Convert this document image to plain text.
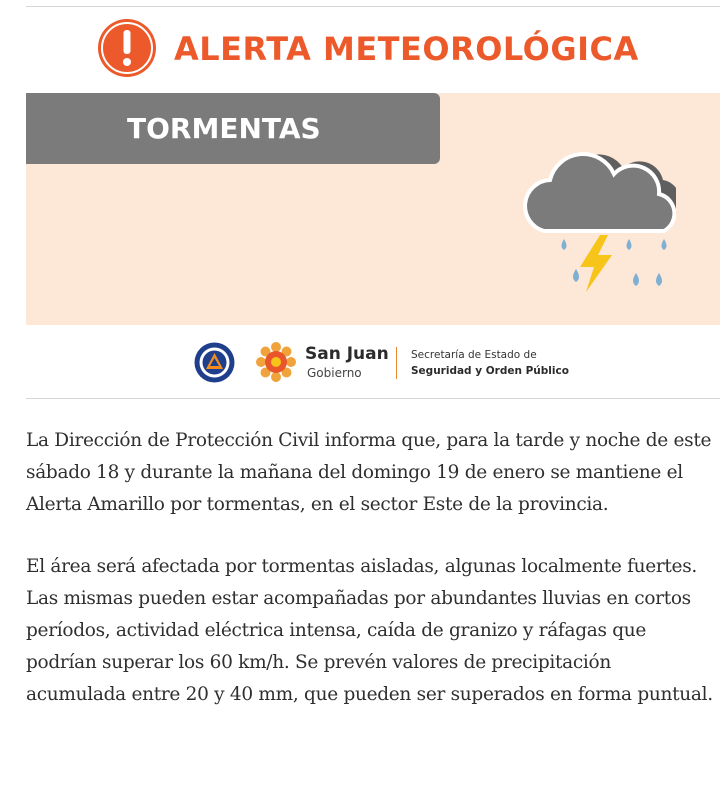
ALERTA METEOROLÓGICA
TORMENTAS
San Juan
Gobierno
Secretaría de Estado de
Seguridad y Orden Público

La Dirección de Protección Civil informa que, para la tarde y noche de este sábado 18 y durante la mañana del domingo 19 de enero se mantiene el Alerta Amarillo por tormentas, en el sector Este de la provincia.

El área será afectada por tormentas aisladas, algunas localmente fuertes. Las mismas pueden estar acompañadas por abundantes lluvias en cortos períodos, actividad eléctrica intensa, caída de granizo y ráfagas que podrían superar los 60 km/h. Se prevén valores de precipitación acumulada entre 20 y 40 mm, que pueden ser superados en forma puntual.
